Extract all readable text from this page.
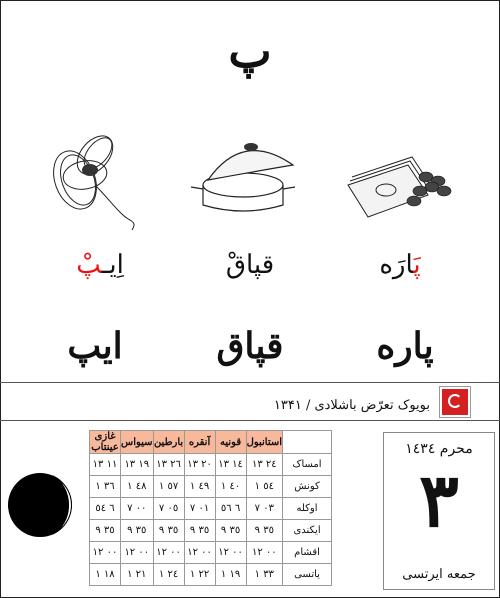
پ
اِیـپْ	قپاقْ	پَارَه
ایپ	قپاق	پاره
بویوک تعرّض باشلادی / ۱۳۴۱
غازی عینتاب	سیواس	بارطین	آنقره	قونیه	استانبول	
۱۳ ۱۱	۱۳ ۱۹	۱۳ ۲٦	۱۳ ۲۰	۱۳ ۱٤	۱۳ ۲٤	امساک
۱ ۳٦	۱ ٤۸	۱ ٥۷	۱ ٤۹	۱ ٤۰	۱ ٥٤	کونش
٦ ٥٤	۷ ۰۰	۷ ۰٥	۷ ۰۱	٦ ٥٦	۷ ۰۳	اوکله
۹ ۳٥	۹ ۳٥	۹ ۳٥	۹ ۳٥	۹ ۳٥	۹ ۳٥	ایکندی
۱۲ ۰۰	۱۲ ۰۰	۱۲ ۰۰	۱۲ ۰۰	۱۲ ۰۰	۱۲ ۰۰	اقشام
۱ ۱۸	۱ ۲۱	۱ ۲٤	۱ ۲۲	۱ ۱۹	۱ ۳۳	یاتسی
محرم ۱٤۳٤
۳
جمعه ایرتسی
